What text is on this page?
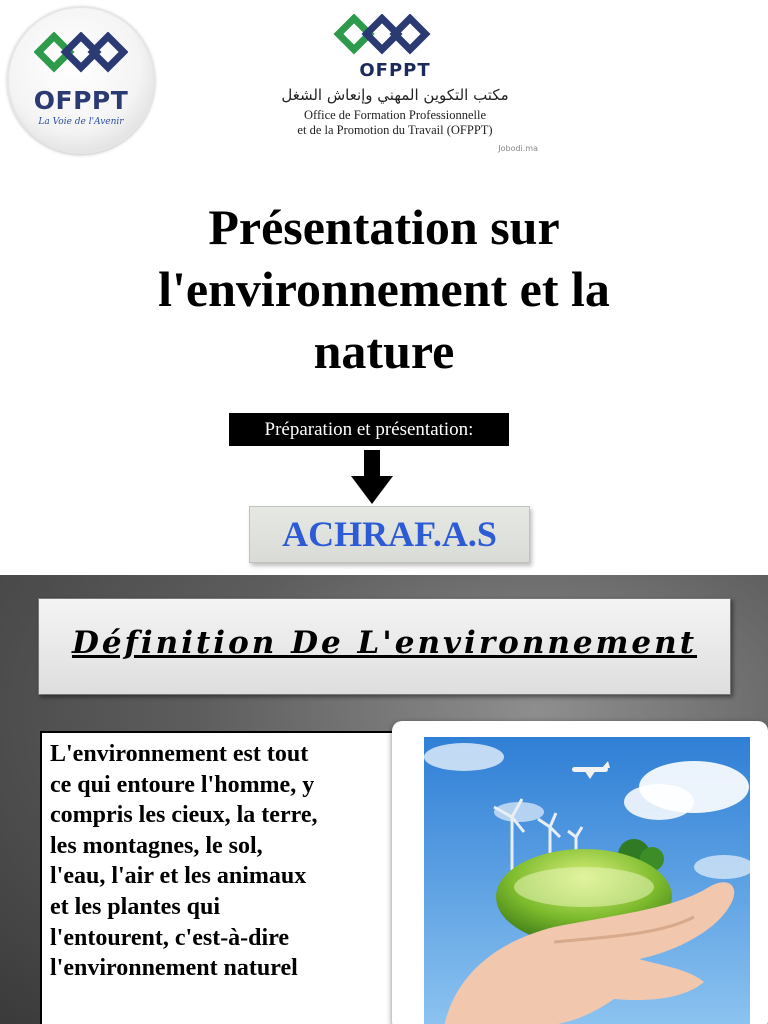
OFPPT
La Voie de l'Avenir
OFPPT
مكتب التكوين المهني وإنعاش الشغل
Office de Formation Professionnelle
et de la Promotion du Travail (OFPPT)
Jobodi.ma
Présentation sur
l'environnement et la
nature
Préparation et présentation:
ACHRAF.A.S
Définition De L'environnement
L'environnement est tout
ce qui entoure l'homme, y
compris les cieux, la terre,
les montagnes, le sol,
l'eau, l'air et les animaux
et les plantes qui
l'entourent, c'est-à-dire
l'environnement naturel
